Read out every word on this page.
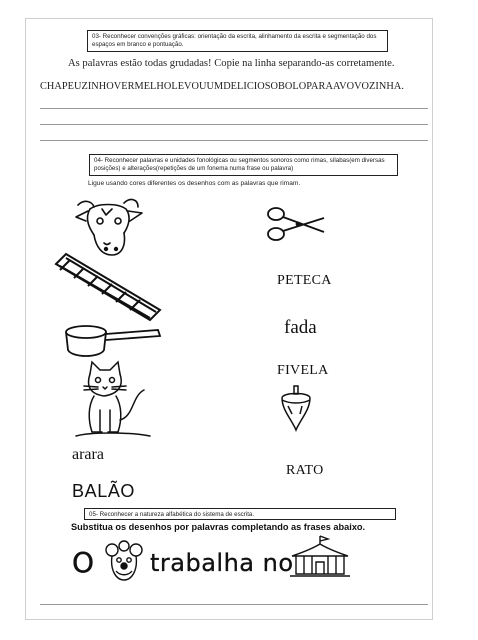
03- Reconhecer convenções gráficas: orientação da escrita, alinhamento da escrita e segmentação dos espaços em branco e pontuação.
As palavras estão todas grudadas! Copie na linha separando-as corretamente.
CHAPEUZINHOVERMELHOLEVOUUMDELICIOSOBOLOPARAAVOVOZINHA.
04- Reconhecer palavras e unidades fonológicas ou segmentos sonoros como rimas, sílabas(em diversas posições) e alterações(repetições de um fonema numa frase ou palavra)
Ligue usando cores diferentes os desenhos com as palavras que rimam.
PETECA
fada
FIVELA
arara
RATO
BALÃO
05- Reconhecer a natureza alfabética do sistema de escrita.
Substitua os desenhos por palavras completando as frases abaixo.
O trabalha no
